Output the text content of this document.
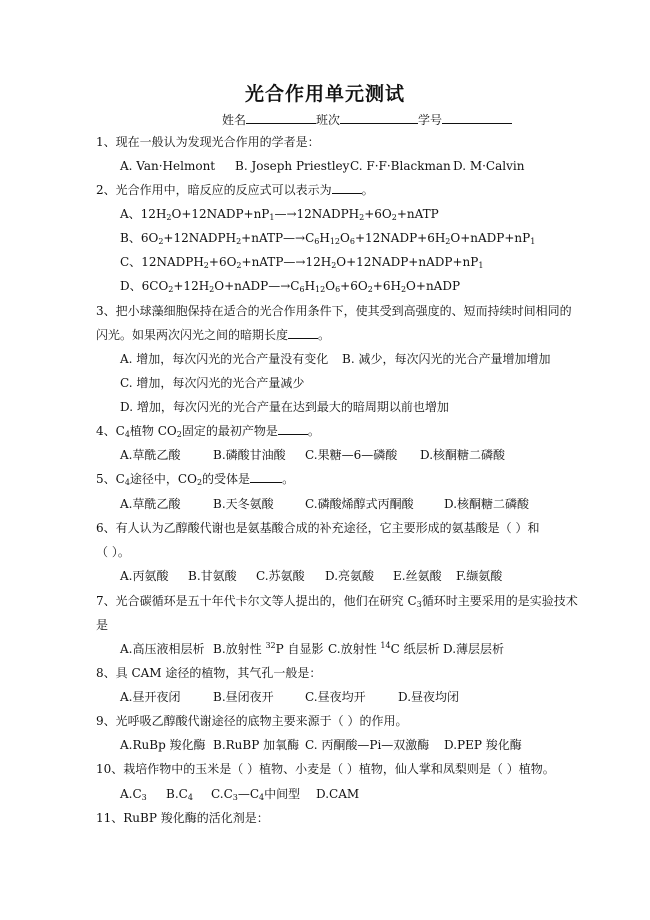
光合作用单元测试
姓名	班次	学号
1、现在一般认为发现光合作用的学者是：
A. Van·Helmont B. Joseph Priestley C. F·F·Blackman D. M·Calvin
2、光合作用中，暗反应的反应式可以表示为	。
A、$12H_2O+12NADP+nP_1—\to 12NADPH_2+6O_2+nATP$
B、$6O_2+12NADPH_2+nATP—\to C_6H_{12}O_6+12NADP+6H_2O+nADP+nP_1$
C、$12NADPH_2+6O_2+nATP—\to 12H_2O+12NADP+nADP+nP_1$
D、$6CO_2+12H_2O+nADP—\to C_6H_{12}O_6+6O_2+6H_2O+nADP$
3、把小球藻细胞保持在适合的光合作用条件下，使其受到高强度的、短而持续时间相同的
闪光。如果两次闪光之间的暗期长度	。
A. 增加，每次闪光的光合产量没有变化 B. 减少，每次闪光的光合产量增加增加
C. 增加，每次闪光的光合产量减少
D. 增加，每次闪光的光合产量在达到最大的暗周期以前也增加
4、$C_4$植物 $CO_2$固定的最初产物是	。
A.草酰乙酸	B.磷酸甘油酸 C.果糖—6—磷酸 D.核酮糖二磷酸
5、$C_4$途径中，$CO_2$的受体是	。
A.草酰乙酸	B.天冬氨酸	C.磷酸烯醇式丙酮酸	D.核酮糖二磷酸
6、有人认为乙醇酸代谢也是氨基酸合成的补充途径，它主要形成的氨基酸是（ ）和
（ ）。
A.丙氨酸 B.甘氨酸 C.苏氨酸 D.亮氨酸 E.丝氨酸 F.缬氨酸
7、光合碳循环是五十年代卡尔文等人提出的，他们在研究 $C_3$循环时主要采用的是实验技术
是
A.高压液相层析 B.放射性 $^{32}$P 自显影 C.放射性 $^{14}$C 纸层析 D.薄层层析
8、具 CAM 途径的植物，其气孔一般是：
A.昼开夜闭	B.昼闭夜开	C.昼夜均开	D.昼夜均闭
9、光呼吸乙醇酸代谢途径的底物主要来源于（ ）的作用。
A.RuBp 羧化酶 B.RuBP 加氧酶 C. 丙酮酸—Pi—双激酶 D.PEP 羧化酶
10、栽培作物中的玉米是（ ）植物、小麦是（ ）植物，仙人掌和凤梨则是（ ）植物。
$A.C_3$ $B.C_4$ $C.C_3—C_4$中间型 D.CAM
11、RuBP 羧化酶的活化剂是：
